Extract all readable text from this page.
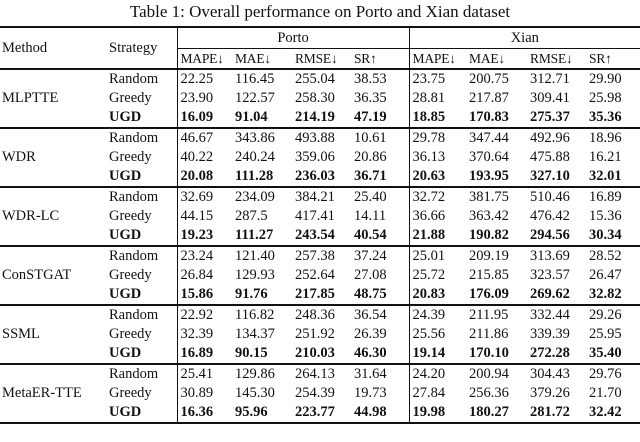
Table 1: Overall performance on Porto and Xian dataset
Method	Strategy	Porto				Xian			
		MAPE↓	MAE↓	RMSE↓	SR↑	MAPE↓	MAE↓	RMSE↓	SR↑
MLPTTE	Random	22.25	116.45	255.04	38.53	23.75	200.75	312.71	29.90
	Greedy	23.90	122.57	258.30	36.35	28.81	217.87	309.41	25.98
	UGD	16.09	91.04	214.19	47.19	18.85	170.83	275.37	35.36
WDR	Random	46.67	343.86	493.88	10.61	29.78	347.44	492.96	18.96
	Greedy	40.22	240.24	359.06	20.86	36.13	370.64	475.88	16.21
	UGD	20.08	111.28	236.03	36.71	20.63	193.95	327.10	32.01
WDR-LC	Random	32.69	234.09	384.21	25.40	32.72	381.75	510.46	16.89
	Greedy	44.15	287.5	417.41	14.11	36.66	363.42	476.42	15.36
	UGD	19.23	111.27	243.54	40.54	21.88	190.82	294.56	30.34
ConSTGAT	Random	23.24	121.40	257.38	37.24	25.01	209.19	313.69	28.52
	Greedy	26.84	129.93	252.64	27.08	25.72	215.85	323.57	26.47
	UGD	15.86	91.76	217.85	48.75	20.83	176.09	269.62	32.82
SSML	Random	22.92	116.82	248.36	36.54	24.39	211.95	332.44	29.26
	Greedy	32.39	134.37	251.92	26.39	25.56	211.86	339.39	25.95
	UGD	16.89	90.15	210.03	46.30	19.14	170.10	272.28	35.40
MetaER-TTE	Random	25.41	129.86	264.13	31.64	24.20	200.94	304.43	29.76
	Greedy	30.89	145.30	254.39	19.73	27.84	256.36	379.26	21.70
	UGD	16.36	95.96	223.77	44.98	19.98	180.27	281.72	32.42
